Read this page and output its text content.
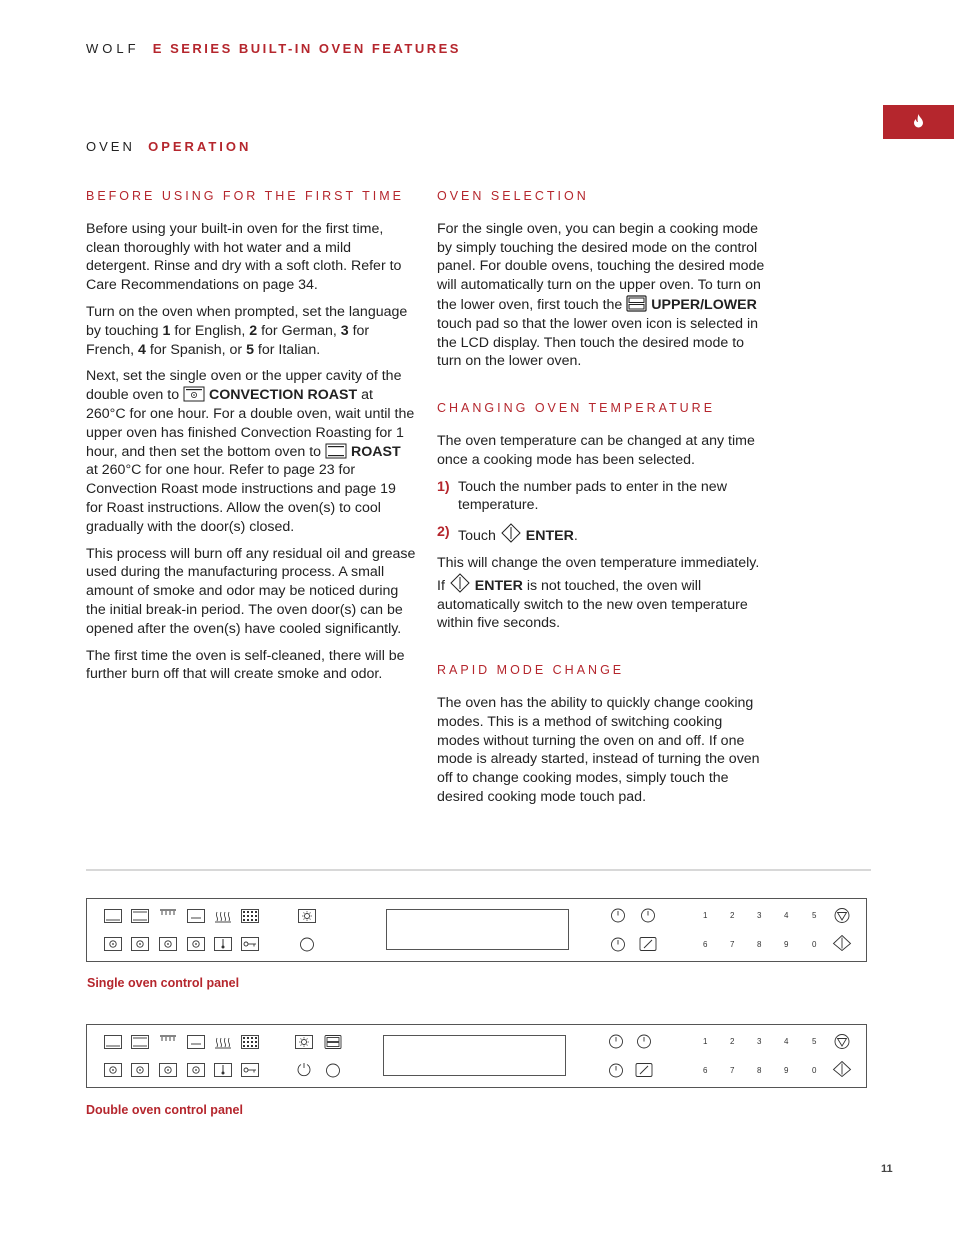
WOLF E SERIES BUILT-IN OVEN FEATURES
OVEN OPERATION
BEFORE USING FOR THE FIRST TIME

Before using your built-in oven for the first time, clean thoroughly with hot water and a mild detergent. Rinse and dry with a soft cloth. Refer to Care Recommendations on page 34.

Turn on the oven when prompted, set the language by touching 1 for English, 2 for German, 3 for French, 4 for Spanish, or 5 for Italian.

Next, set the single oven or the upper cavity of the double oven to  CONVECTION ROAST at 260°C for one hour. For a double oven, wait until the upper oven has finished Convection Roasting for 1 hour, and then set the bottom oven to  ROAST at 260°C for one hour. Refer to page 23 for Convection Roast mode instructions and page 19 for Roast instructions. Allow the oven(s) to cool gradually with the door(s) closed.

This process will burn off any residual oil and grease used during the manufacturing process. A small amount of smoke and odor may be noticed during the initial break-in period. The oven door(s) can be opened after the oven(s) have cooled significantly.

The first time the oven is self-cleaned, there will be further burn off that will create smoke and odor.

OVEN SELECTION

For the single oven, you can begin a cooking mode by simply touching the desired mode on the control panel. For double ovens, touching the desired mode will automatically turn on the upper oven. To turn on the lower oven, first touch the  UPPER/LOWER touch pad so that the lower oven icon is selected in the LCD display. Then touch the desired mode to turn on the lower oven.

CHANGING OVEN TEMPERATURE

The oven temperature can be changed at any time once a cooking mode has been selected.

1) Touch the number pads to enter in the new temperature.
2) Touch  ENTER.

This will change the oven temperature immediately. If  ENTER is not touched, the oven will automatically switch to the new oven temperature within five seconds.

RAPID MODE CHANGE

The oven has the ability to quickly change cooking modes. This is a method of switching cooking modes without turning the oven on and off. If one mode is already started, instead of turning the oven off to change cooking modes, simply touch the desired cooking mode touch pad.

1	2	3	4	5
6	7	8	9	0
Single oven control panel
1	2	3	4	5
6	7	8	9	0
Double oven control panel
11
